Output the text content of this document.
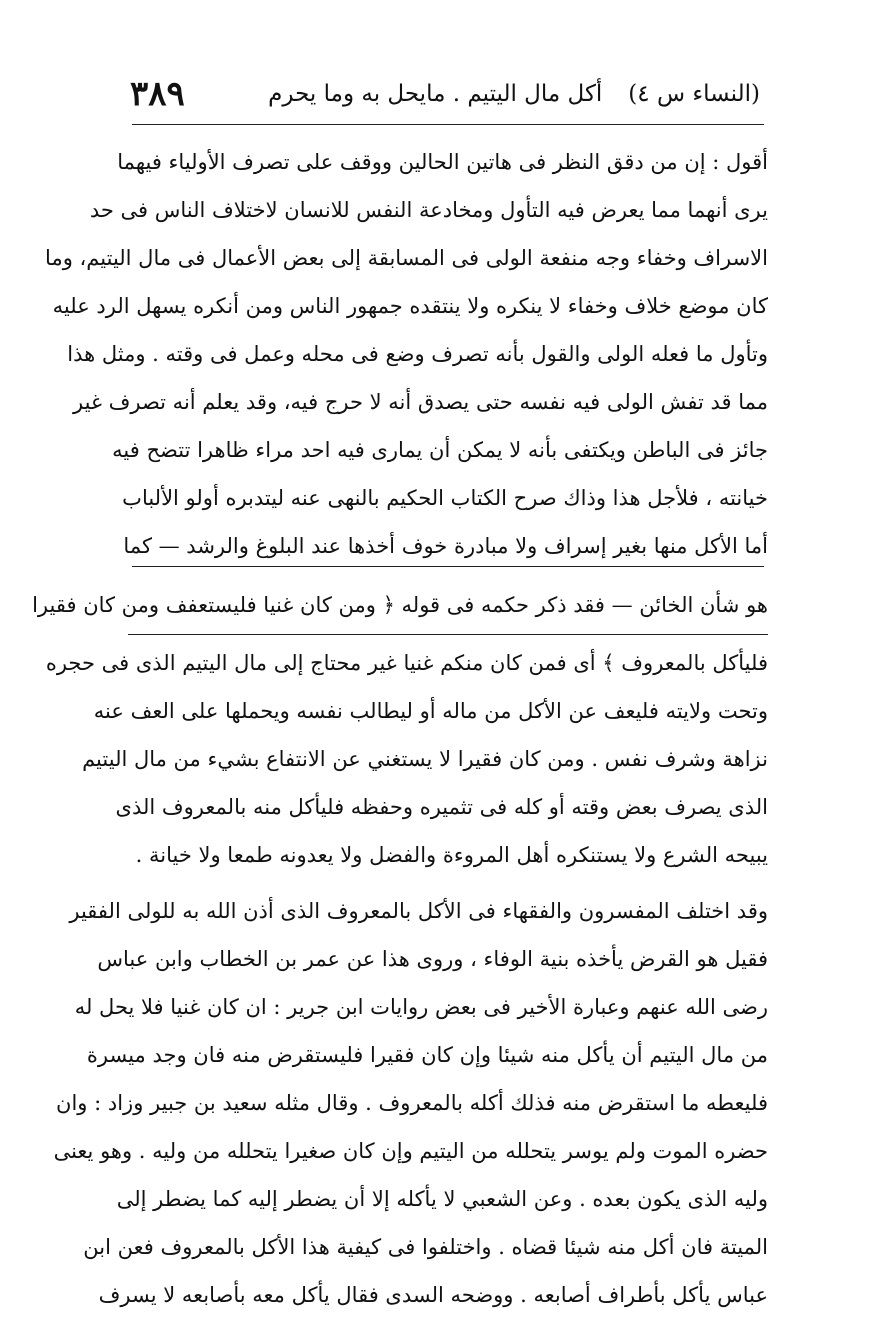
(النساء س ٤)
أكل مال اليتيم . مايحل به وما يحرم
٣٨٩
أقول : إن من دقق النظر فى هاتين الحالين ووقف على تصرف الأولياء فيهما
يرى أنهما مما يعرض فيه التأول ومخادعة النفس للانسان لاختلاف الناس فى حد
الاسراف وخفاء وجه منفعة الولى فى المسابقة إلى بعض الأعمال فى مال اليتيم، وما
كان موضع خلاف وخفاء لا ينكره ولا ينتقده جمهور الناس ومن أنكره يسهل الرد عليه
وتأول ما فعله الولى والقول بأنه تصرف وضع فى محله وعمل فى وقته . ومثل هذا
مما قد تفش الولى فيه نفسه حتى يصدق أنه لا حرج فيه، وقد يعلم أنه تصرف غير
جائز فى الباطن ويكتفى بأنه لا يمكن أن يمارى فيه احد مراء ظاهرا تتضح فيه
خيانته ، فلأجل هذا وذاك صرح الكتاب الحكيم بالنهى عنه ليتدبره أولو الألباب
أما الأكل منها بغير إسراف ولا مبادرة خوف أخذها عند البلوغ والرشد — كما
هو شأن الخائن — فقد ذكر حكمه فى قوله ﴿ ومن كان غنيا فليستعفف ومن كان فقيرا
فليأكل بالمعروف ﴾ أى فمن كان منكم غنيا غير محتاج إلى مال اليتيم الذى فى حجره
وتحت ولايته فليعف عن الأكل من ماله أو ليطالب نفسه ويحملها على العف عنه
نزاهة وشرف نفس . ومن كان فقيرا لا يستغني عن الانتفاع بشيء من مال اليتيم
الذى يصرف بعض وقته أو كله فى تثميره وحفظه فليأكل منه بالمعروف الذى
يبيحه الشرع ولا يستنكره أهل المروءة والفضل ولا يعدونه طمعا ولا خيانة .
وقد اختلف المفسرون والفقهاء فى الأكل بالمعروف الذى أذن الله به للولى الفقير
فقيل هو القرض يأخذه بنية الوفاء ، وروى هذا عن عمر بن الخطاب وابن عباس
رضى الله عنهم وعبارة الأخير فى بعض روايات ابن جرير : ان كان غنيا فلا يحل له
من مال اليتيم أن يأكل منه شيئا وإن كان فقيرا فليستقرض منه فان وجد ميسرة
فليعطه ما استقرض منه فذلك أكله بالمعروف . وقال مثله سعيد بن جبير وزاد : وان
حضره الموت ولم يوسر يتحلله من اليتيم وإن كان صغيرا يتحلله من وليه . وهو يعنى
وليه الذى يكون بعده . وعن الشعبي لا يأكله إلا أن يضطر إليه كما يضطر إلى
الميتة فان أكل منه شيئا قضاه . واختلفوا فى كيفية هذا الأكل بالمعروف فعن ابن
عباس يأكل بأطراف أصابعه . ووضحه السدى فقال يأكل معه بأصابعه لا يسرف
